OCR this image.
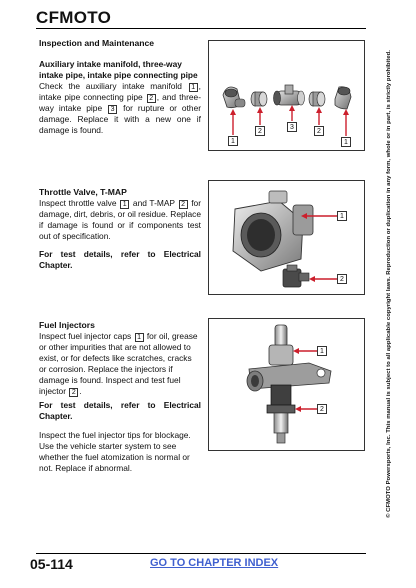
CFMOTO
Inspection and Maintenance
Auxiliary intake manifold, three-way intake pipe, intake pipe connecting pipe
Check the auxiliary intake manifold 1 , intake pipe connecting pipe 2 , and three-way intake pipe 3 for rupture or other damage. Replace it with a new one if damage is found.
1
2
3
2
1
Throttle Valve, T-MAP
Inspect throttle valve 1 and T-MAP 2 for damage, dirt, debris, or oil residue. Replace if damage is found or if components test out of specification.
For test details, refer to Electrical Chapter.
1
2
Fuel Injectors
Inspect fuel injector caps 1 for oil, grease or other impurities that are not allowed to exist, or for defects like scratches, cracks or corrosion. Replace the injectors if damage is found. Inspect and test fuel injector 2 .
For test details, refer to Electrical Chapter.
Inspect the fuel injector tips for blockage. Use the vehicle starter system to see whether the fuel atomization is normal or not. Replace if abnormal.
1
2	© CFMOTO Powersports, Inc. This manual is subject to all applicable copyright laws. Reproduction or duplication in any form, whole or in part, is strictly prohibited.
05-114	GO TO CHAPTER INDEX
